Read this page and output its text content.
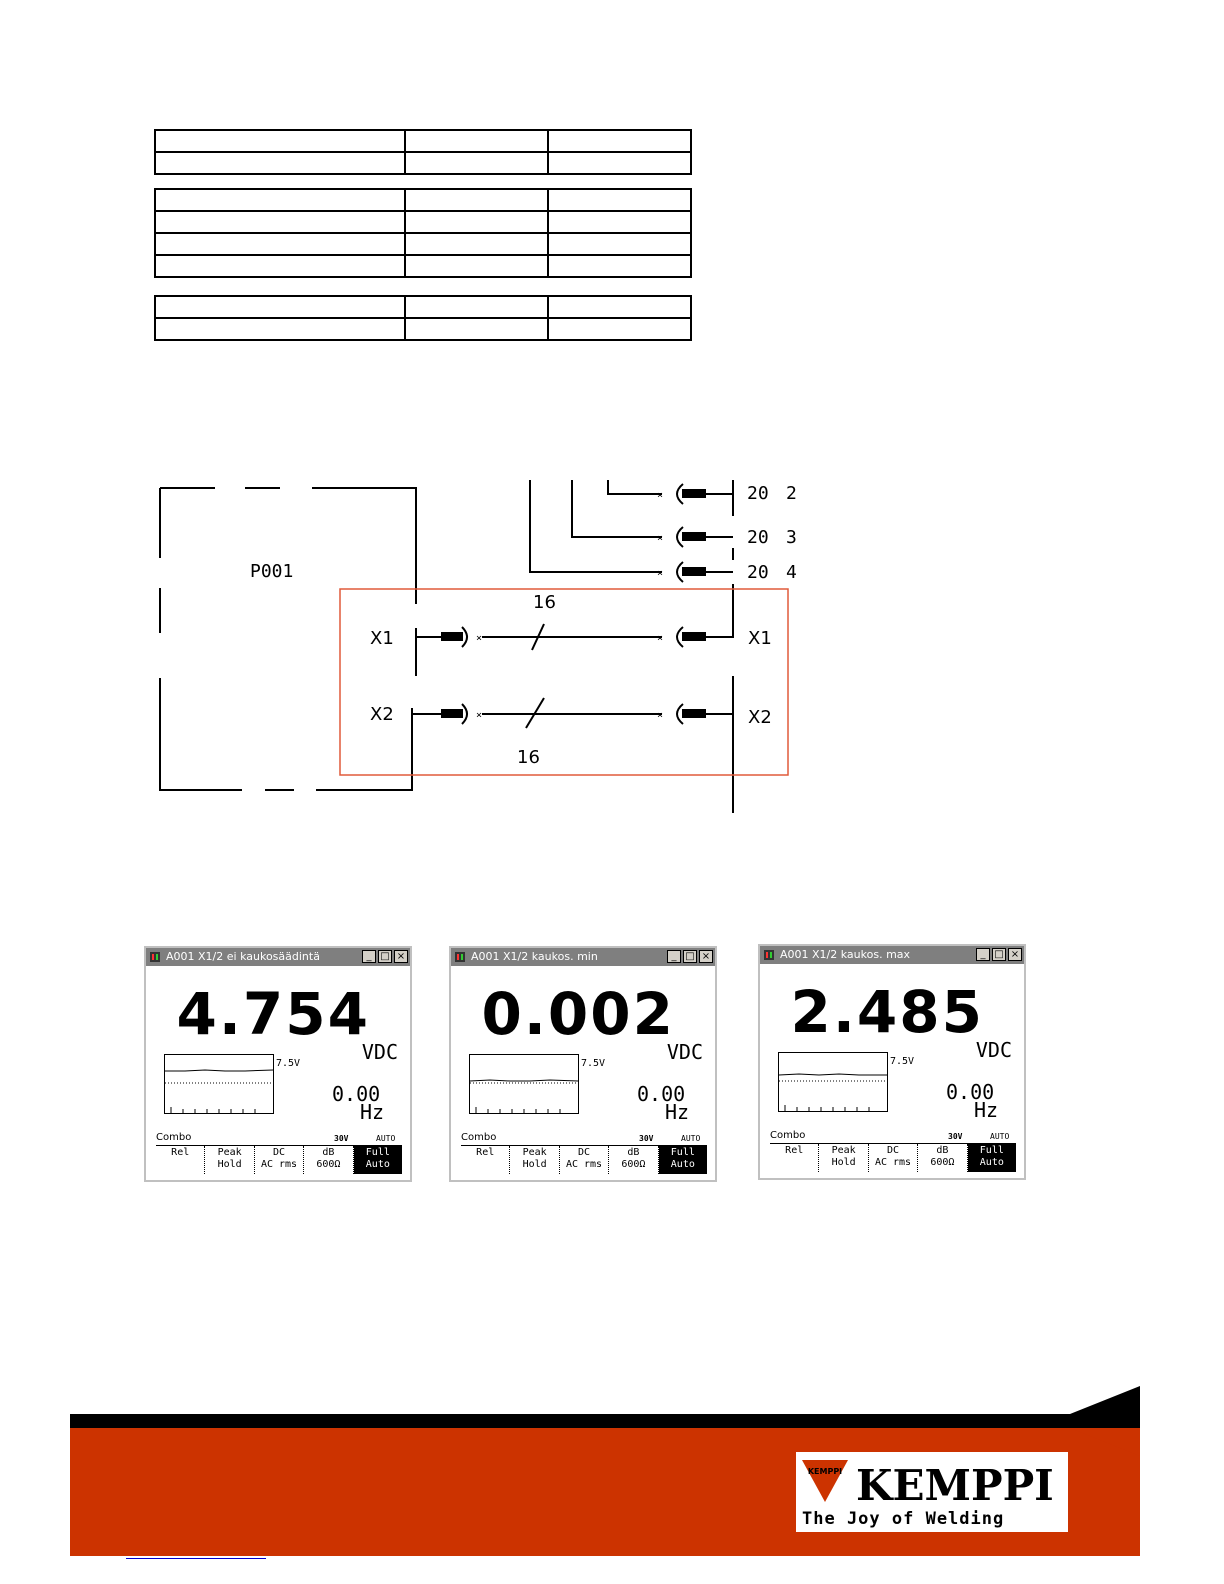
×
×
×
×
×
×
×
P001
X1
X2
X1
X2
16
16
20 2
20 3
20 4
A001 X1/2 ei kaukosäädintä	_ □ ×
4.754
VDC
7.5V
0.00
Hz
Combo	30V	AUTO
Rel	Peak
Hold
DC
AC rms
dB
600Ω
Full
Auto
A001 X1/2 kaukos. min	_ □ ×
0.002
VDC
7.5V
0.00
Hz
Combo	30V	AUTO
Rel	Peak
Hold
DC
AC rms
dB
600Ω
Full
Auto
A001 X1/2 kaukos. max	_ □ ×
2.485
VDC
7.5V
0.00
Hz
Combo	30V	AUTO
Rel	Peak
Hold
DC
AC rms
dB
600Ω
Full
Auto
KEMPPI KEMPPI
The Joy of Welding
